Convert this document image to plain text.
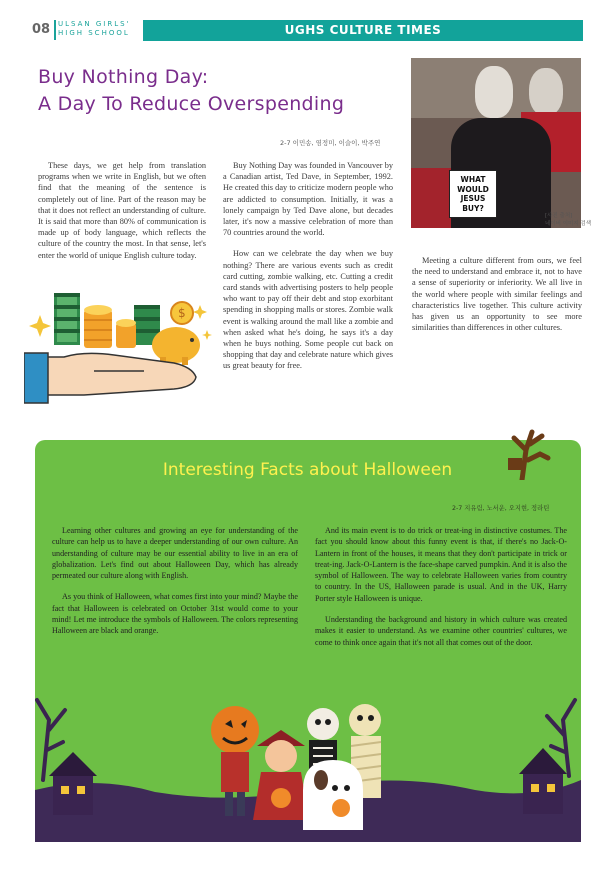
08 ULSAN GIRLS'
HIGH SCHOOL	UGHS CULTURE TIMES
Buy Nothing Day:
A Day To Reduce Overspending
2-7 이민송, 염정미, 이슬이, 박주연
WHAT WOULD JESUS BUY?
[사진 출처]
네이버 이미지 검색

These days, we get help from translation programs when we write in English, but we often find that the meaning of the sentence is completely out of line. Part of the reason may be that it does not reflect an understanding of culture. It is said that more than 80% of communication is made up of body language, which reflects the culture of the country the most. In that sense, let's enter the world of unique English culture today.

Buy Nothing Day was founded in Vancouver by a Canadian artist, Ted Dave, in September, 1992. He created this day to criticize modern people who are addicted to consumption. Initially, it was a lonely campaign by Ted Dave alone, but decades later, it's now a massive celebration of more than 70 countries around the world.

How can we celebrate the day when we buy nothing? There are various events such as credit card cutting, zombie walking, etc. Cutting a credit card stands with advertising posters to help people who want to pay off their debt and stop exorbitant spending in shopping malls or stores. Zombie walk event is walking around the mall like a zombie and when asked what he's doing, he says it's a day when he buys nothing. Some people cut back on shopping that day and celebrate nature which gives us great beauty for free.

Meeting a culture different from ours, we feel the need to understand and embrace it, not to have a sense of superiority or inferiority. We all live in the world where people with similar feelings and characteristics live together. This culture activity has given us an opportunity to see more similarities than differences in other cultures.

$
Interesting Facts about Halloween
2-7 지유림, 노서운, 오지현, 정라틴

Learning other cultures and growing an eye for understanding of the culture can help us to have a deeper understanding of our own culture. An understanding of culture may be our essential ability to live in an era of globalization. Let's find out about Halloween Day, which has already permeated our culture along with English.

As you think of Halloween, what comes first into your mind? Maybe the fact that Halloween is celebrated on October 31st would come to your mind! Let me introduce the symbols of Halloween. The colors representing Halloween are black and orange.

And its main event is to do trick or treat-ing in distinctive costumes. The fact you should know about this funny event is that, if there's no Jack-O-Lantern in front of the houses, it means that they don't participate in trick or treat-ing. Jack-O-Lantern is the face-shape carved pumpkin. And it is also the symbol of Halloween. The way to celebrate Halloween varies from country to country. In the US, Halloween parade is usual. And in the UK, Harry Porter style Halloween is unique.

Understanding the background and history in which culture was created makes it easier to understand. As we examine other countries' cultures, we come to think once again that it's not all that comes out of the door.
